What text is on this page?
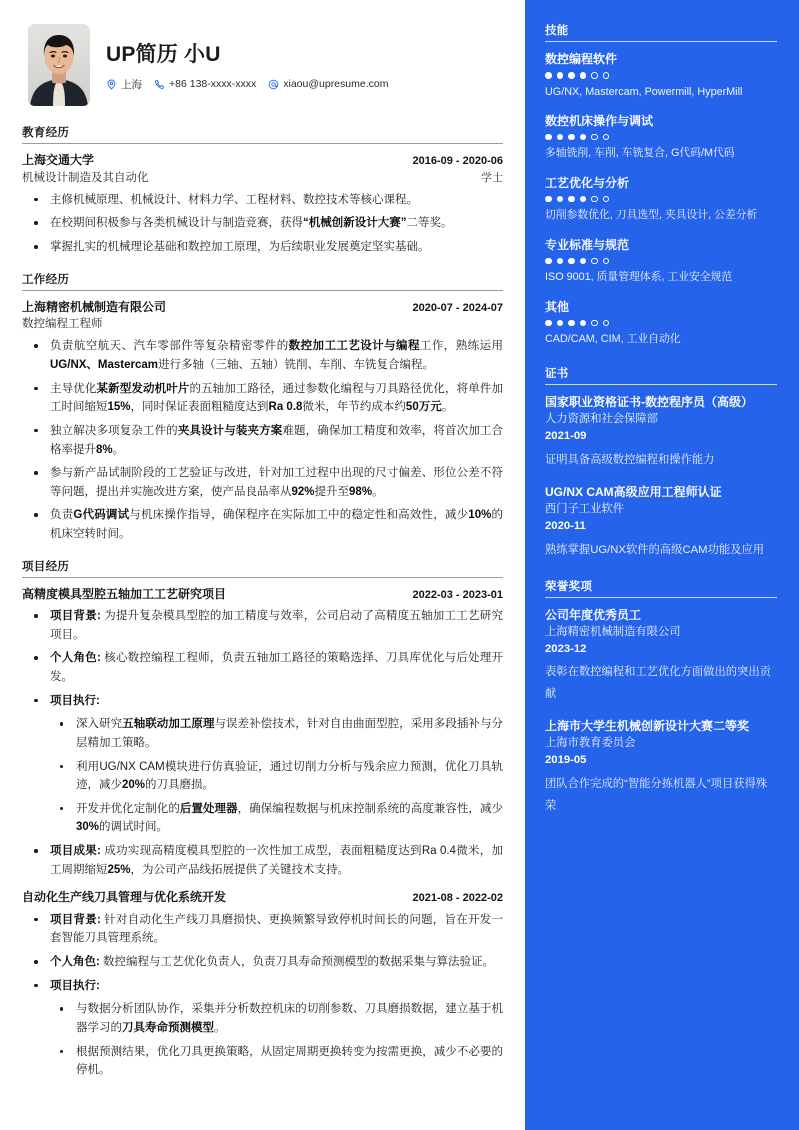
UP简历 小U
上海	+86 138-xxxx-xxxx	xiaou@upresume.com
教育经历
上海交通大学	2016-09 - 2020-06
机械设计制造及其自动化	学士
主修机械原理、机械设计、材料力学、工程材料、数控技术等核心课程。
在校期间积极参与各类机械设计与制造竞赛，获得“机械创新设计大赛”二等奖。
掌握扎实的机械理论基础和数控加工原理，为后续职业发展奠定坚实基础。
工作经历
上海精密机械制造有限公司	2020-07 - 2024-07
数控编程工程师
负责航空航天、汽车零部件等复杂精密零件的数控加工工艺设计与编程工作，熟练运用UG/NX、Mastercam进行多轴（三轴、五轴）铣削、车削、车铣复合编程。
主导优化某新型发动机叶片的五轴加工路径，通过参数化编程与刀具路径优化，将单件加工时间缩短15%，同时保证表面粗糙度达到Ra 0.8微米，年节约成本约50万元。
独立解决多项复杂工件的夹具设计与装夹方案难题，确保加工精度和效率，将首次加工合格率提升8%。
参与新产品试制阶段的工艺验证与改进，针对加工过程中出现的尺寸偏差、形位公差不符等问题，提出并实施改进方案，使产品良品率从92%提升至98%。
负责G代码调试与机床操作指导，确保程序在实际加工中的稳定性和高效性，减少10%的机床空转时间。
项目经历
高精度模具型腔五轴加工工艺研究项目	2022-03 - 2023-01
项目背景: 为提升复杂模具型腔的加工精度与效率，公司启动了高精度五轴加工工艺研究项目。
个人角色: 核心数控编程工程师，负责五轴加工路径的策略选择、刀具库优化与后处理开发。
项目执行:
深入研究五轴联动加工原理与误差补偿技术，针对自由曲面型腔，采用多段插补与分层精加工策略。
利用UG/NX CAM模块进行仿真验证，通过切削力分析与残余应力预测，优化刀具轨迹，减少20%的刀具磨损。
开发并优化定制化的后置处理器，确保编程数据与机床控制系统的高度兼容性，减少30%的调试时间。
项目成果: 成功实现高精度模具型腔的一次性加工成型，表面粗糙度达到Ra 0.4微米，加工周期缩短25%，为公司产品线拓展提供了关键技术支持。
自动化生产线刀具管理与优化系统开发	2021-08 - 2022-02
项目背景: 针对自动化生产线刀具磨损快、更换频繁导致停机时间长的问题，旨在开发一套智能刀具管理系统。
个人角色: 数控编程与工艺优化负责人，负责刀具寿命预测模型的数据采集与算法验证。
项目执行:
与数据分析团队协作，采集并分析数控机床的切削参数、刀具磨损数据，建立基于机器学习的刀具寿命预测模型。
根据预测结果，优化刀具更换策略，从固定周期更换转变为按需更换，减少不必要的停机。
技能
数控编程软件
UG/NX, Mastercam, Powermill, HyperMill
数控机床操作与调试
多轴铣削, 车削, 车铣复合, G代码/M代码
工艺优化与分析
切削参数优化, 刀具选型, 夹具设计, 公差分析
专业标准与规范
ISO 9001, 质量管理体系, 工业安全规范
其他
CAD/CAM, CIM, 工业自动化
证书
国家职业资格证书-数控程序员（高级）
人力资源和社会保障部
2021-09
证明具备高级数控编程和操作能力
UG/NX CAM高级应用工程师认证
西门子工业软件
2020-11
熟练掌握UG/NX软件的高级CAM功能及应用
荣誉奖项
公司年度优秀员工
上海精密机械制造有限公司
2023-12
表彰在数控编程和工艺优化方面做出的突出贡献
上海市大学生机械创新设计大赛二等奖
上海市教育委员会
2019-05
团队合作完成的“智能分拣机器人”项目获得殊荣
